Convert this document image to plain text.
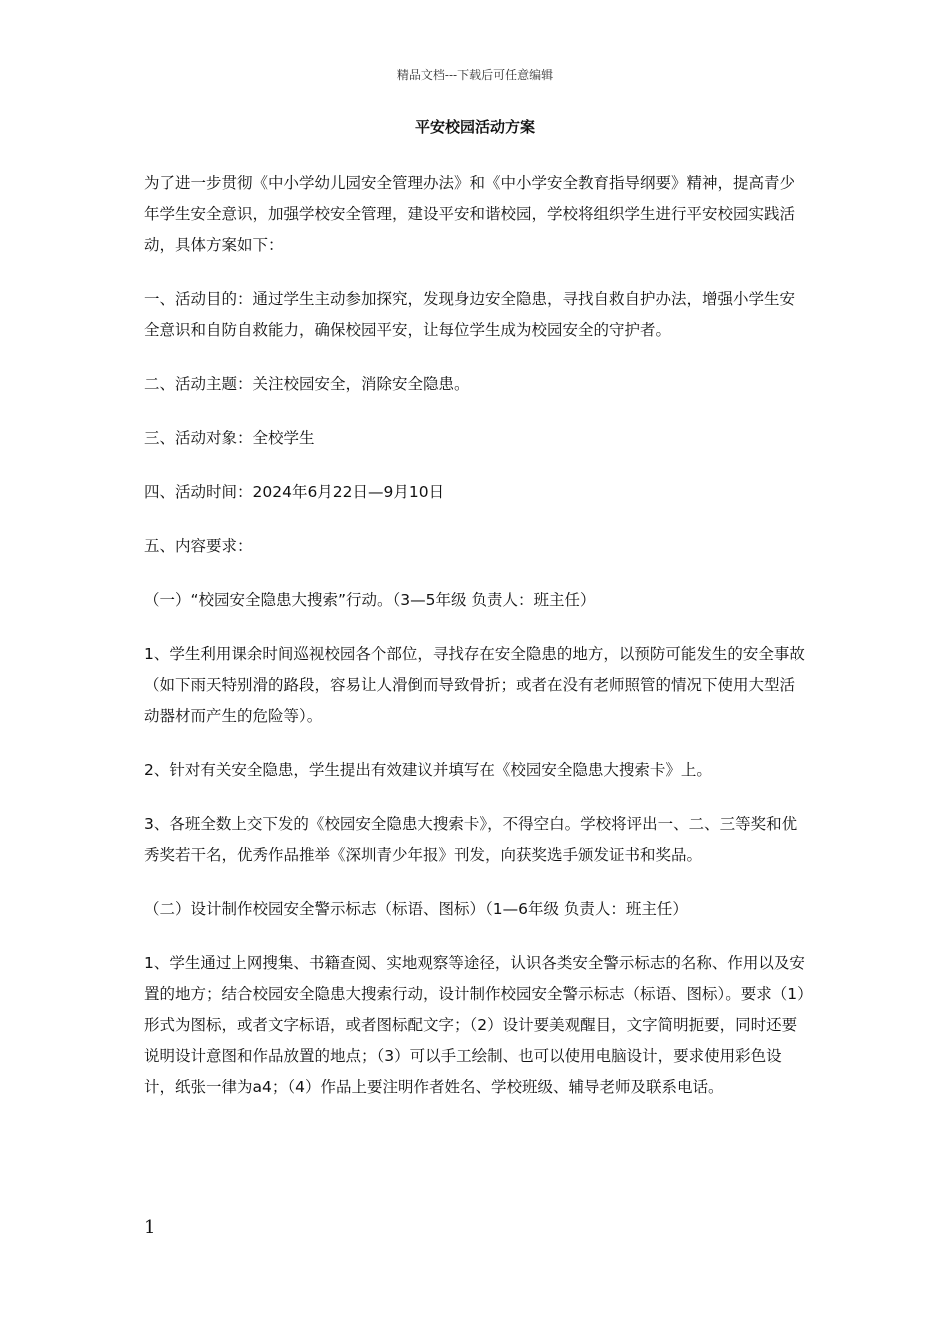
精品文档---下载后可任意编辑
平安校园活动方案

为了进一步贯彻《中小学幼儿园安全管理办法》和《中小学安全教育指导纲要》精神，提高青少年学生安全意识，加强学校安全管理，建设平安和谐校园，学校将组织学生进行平安校园实践活动，具体方案如下：

一、活动目的：通过学生主动参加探究，发现身边安全隐患，寻找自救自护办法，增强小学生安全意识和自防自救能力，确保校园平安，让每位学生成为校园安全的守护者。

二、活动主题：关注校园安全，消除安全隐患。

三、活动对象：全校学生

四、活动时间：2024年6月22日—9月10日

五、内容要求：

（一）“校园安全隐患大搜索”行动。（3—5年级 负责人：班主任）

1、学生利用课余时间巡视校园各个部位，寻找存在安全隐患的地方，以预防可能发生的安全事故（如下雨天特别滑的路段，容易让人滑倒而导致骨折；或者在没有老师照管的情况下使用大型活动器材而产生的危险等）。

2、针对有关安全隐患，学生提出有效建议并填写在《校园安全隐患大搜索卡》上。

3、各班全数上交下发的《校园安全隐患大搜索卡》，不得空白。学校将评出一、二、三等奖和优秀奖若干名，优秀作品推举《深圳青少年报》刊发，向获奖选手颁发证书和奖品。

（二）设计制作校园安全警示标志（标语、图标）（1—6年级 负责人：班主任）

1、学生通过上网搜集、书籍查阅、实地观察等途径，认识各类安全警示标志的名称、作用以及安置的地方；结合校园安全隐患大搜索行动，设计制作校园安全警示标志（标语、图标）。要求（1）形式为图标，或者文字标语，或者图标配文字；（2）设计要美观醒目，文字简明扼要，同时还要说明设计意图和作品放置的地点；（3）可以手工绘制、也可以使用电脑设计，要求使用彩色设计，纸张一律为a4；（4）作品上要注明作者姓名、学校班级、辅导老师及联系电话。

1
